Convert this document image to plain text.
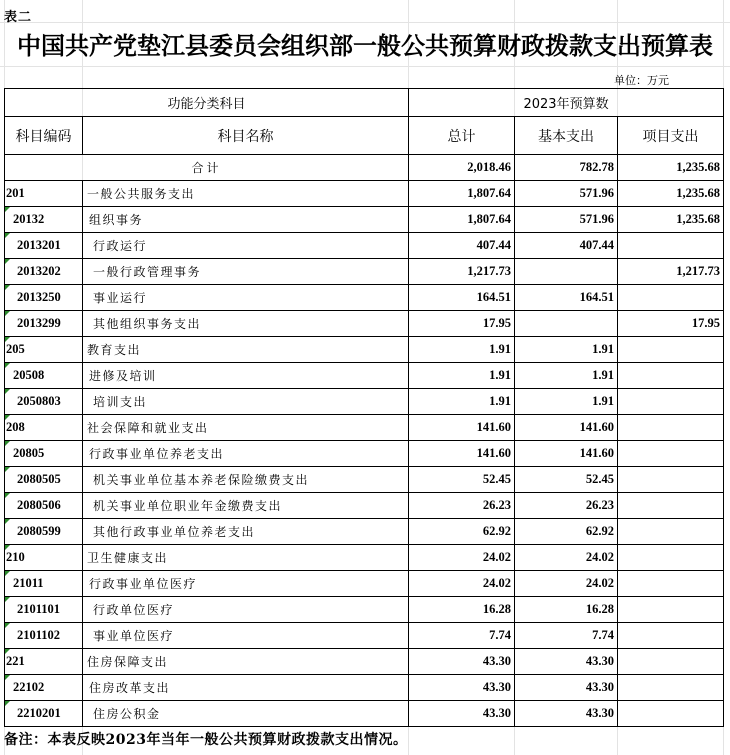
表二
中国共产党垫江县委员会组织部一般公共预算财政拨款支出预算表
单位：万元
功能分类科目		2023年预算数		
科目编码	科目名称	总计	基本支出	项目支出
合计		2,018.46	782.78	1,235.68
201	一般公共服务支出	1,807.64	571.96	1,235.68
20132	组织事务	1,807.64	571.96	1,235.68
2013201	行政运行	407.44	407.44	
2013202	一般行政管理事务	1,217.73		1,217.73
2013250	事业运行	164.51	164.51	
2013299	其他组织事务支出	17.95		17.95
205	教育支出	1.91	1.91	
20508	进修及培训	1.91	1.91	
2050803	培训支出	1.91	1.91	
208	社会保障和就业支出	141.60	141.60	
20805	行政事业单位养老支出	141.60	141.60	
2080505	机关事业单位基本养老保险缴费支出	52.45	52.45	
2080506	机关事业单位职业年金缴费支出	26.23	26.23	
2080599	其他行政事业单位养老支出	62.92	62.92	
210	卫生健康支出	24.02	24.02	
21011	行政事业单位医疗	24.02	24.02	
2101101	行政单位医疗	16.28	16.28	
2101102	事业单位医疗	7.74	7.74	
221	住房保障支出	43.30	43.30	
22102	住房改革支出	43.30	43.30	
2210201	住房公积金	43.30	43.30	
备注：本表反映2023年当年一般公共预算财政拨款支出情况。
